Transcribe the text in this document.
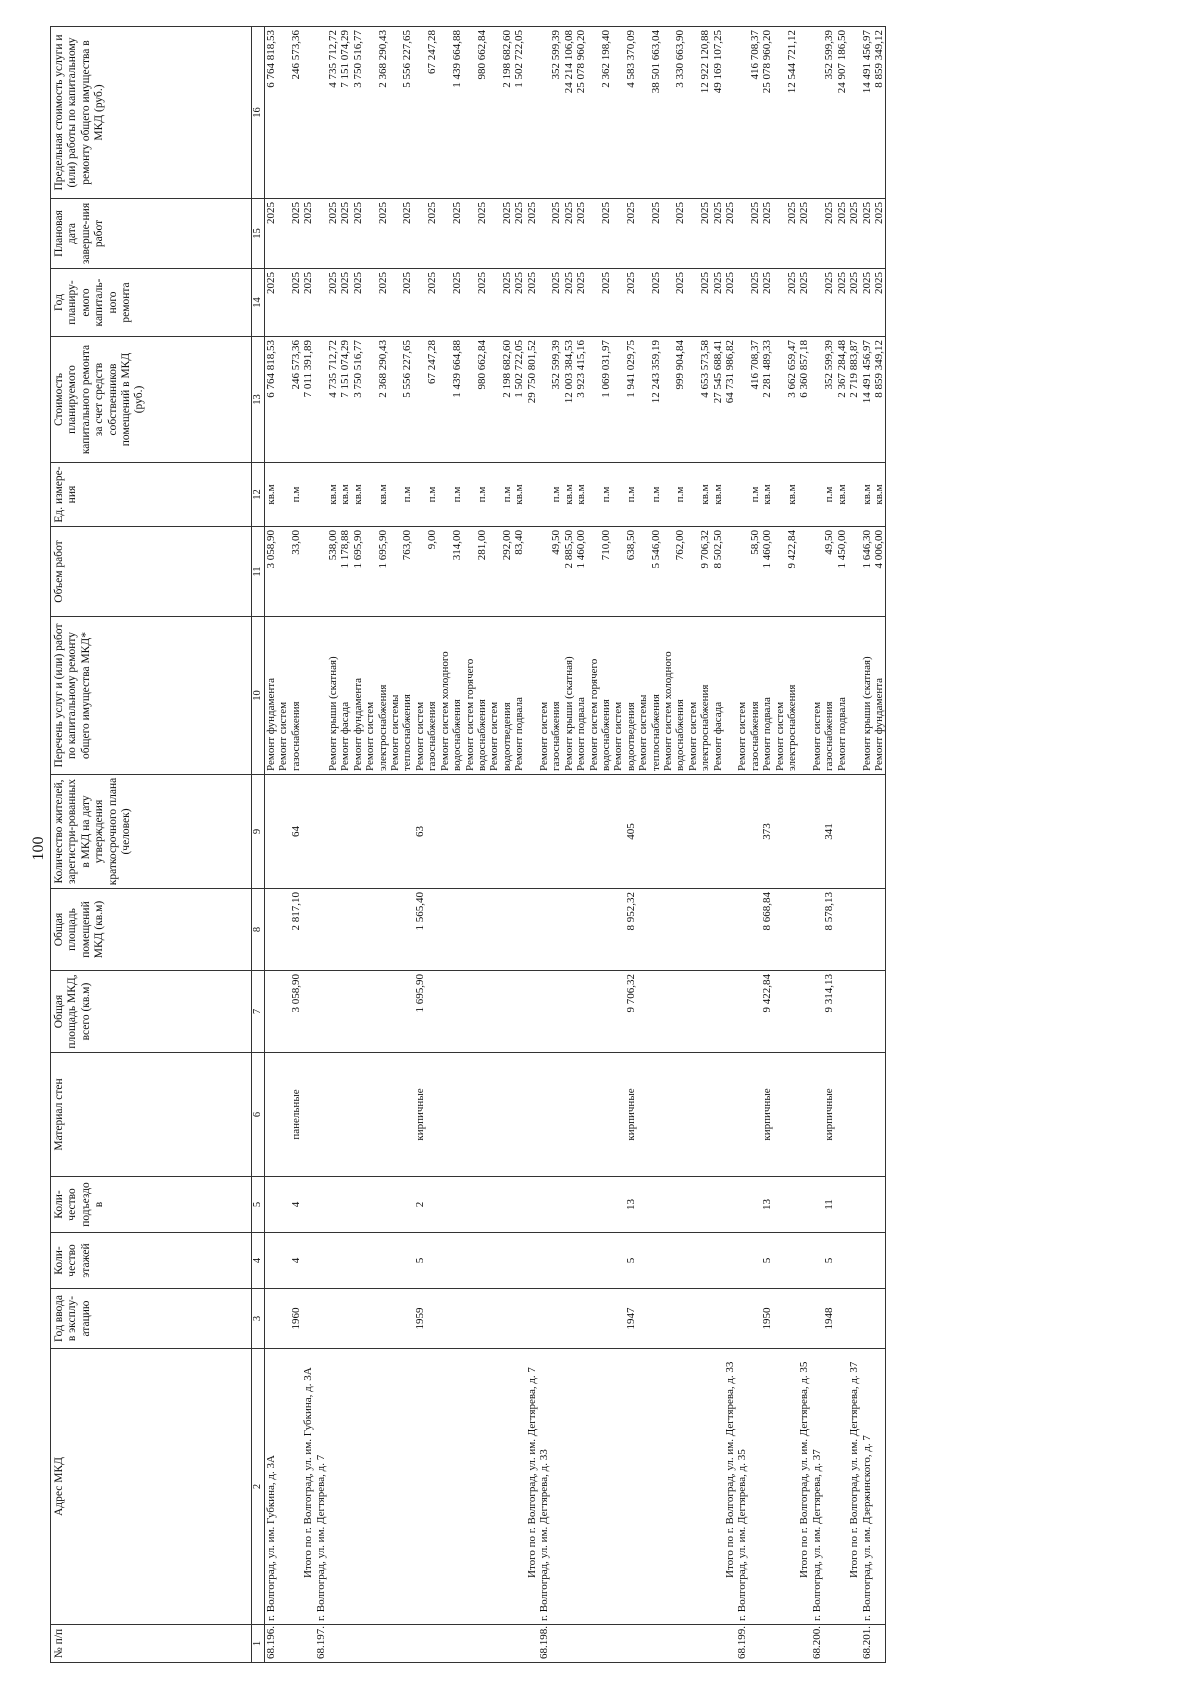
100
№ п/п	Адрес МКД	Год ввода в эксплу-атацию	Коли-чество этажей	Коли-чество подъездо в	Материал стен	Общая площадь МКД, всего (кв.м)	Общая площадь помещений МКД (кв.м)	Количество жителей, зарегистри-рованных в МКД на дату утверждения краткосрочного плана (человек)	Перечень услуг и (или) работ по капитальному ремонту общего имущества МКД*	Объем работ	Ед. измере-ния	Стоимость планируемого капитального ремонта за счет средств собственников помещений в МКД (руб.)	Год планиру-емого капиталь-ного ремонта	Плановая дата заверше-ния работ	Предельная стоимость услуги и (или) работы по капитальному ремонту общего имущества в МКД (руб.)
1	2	3	4	5	6	7	8	9	10	11	12	13	14	15	16
68.196.	г. Волгоград, ул. им. Губкина, д. 3А								Ремонт фундамента	3 058,90	кв.м	6 764 818,53	2025	2025	6 764 818,53
									Ремонт систем						
		1960	4	4	панельные	3 058,90	2 817,10	64	газоснабжения	33,00	п.м	246 573,36	2025	2025	246 573,36
	Итого по г. Волгоград, ул. им. Губкина, д. 3А											7 011 391,89	2025	2025	
68.197.	г. Волгоград, ул. им. Дегтярева, д. 7														
									Ремонт крыши (скатная)	538,00	кв.м	4 735 712,72	2025	2025	4 735 712,72
									Ремонт фасада	1 178,88	кв.м	7 151 074,29	2025	2025	7 151 074,29
									Ремонт фундамента	1 695,90	кв.м	3 750 516,77	2025	2025	3 750 516,77
									Ремонт систем						
									электроснабжения	1 695,90	кв.м	2 368 290,43	2025	2025	2 368 290,43
									Ремонт системы						
									теплоснабжения	763,00	п.м	5 556 227,65	2025	2025	5 556 227,65
		1959	5	2	кирпичные	1 695,90	1 565,40	63	Ремонт систем						
									газоснабжения	9,00	п.м	67 247,28	2025	2025	67 247,28
									Ремонт систем холодного						
									водоснабжения	314,00	п.м	1 439 664,88	2025	2025	1 439 664,88
									Ремонт систем горячего						
									водоснабжения	281,00	п.м	980 662,84	2025	2025	980 662,84
									Ремонт систем						
									водоотведения	292,00	п.м	2 198 682,60	2025	2025	2 198 682,60
									Ремонт подвала	83,40	кв.м	1 502 722,05	2025	2025	1 502 722,05
	Итого по г. Волгоград, ул. им. Дегтярева, д. 7											29 750 801,52	2025	2025	
68.198.	г. Волгоград, ул. им. Дегтярева, д. 33								Ремонт систем						
									газоснабжения	49,50	п.м	352 599,39	2025	2025	352 599,39
									Ремонт крыши (скатная)	2 885,50	кв.м	12 003 384,53	2025	2025	24 214 106,08
									Ремонт подвала	1 460,00	кв.м	3 923 415,16	2025	2025	25 078 960,20
									Ремонт систем горячего						
									водоснабжения	710,00	п.м	1 069 031,97	2025	2025	2 362 198,40
									Ремонт систем						
		1947	5	13	кирпичные	9 706,32	8 952,32	405	водоотведения	638,50	п.м	1 941 029,75	2025	2025	4 583 370,09
									Ремонт системы						
									теплоснабжения	5 546,00	п.м	12 243 359,19	2025	2025	38 501 663,04
									Ремонт систем холодного						
									водоснабжения	762,00	п.м	999 904,84	2025	2025	3 330 663,90
									Ремонт систем						
									электроснабжения	9 706,32	кв.м	4 653 573,58	2025	2025	12 922 120,88
									Ремонт фасада	8 502,50	кв.м	27 545 688,41	2025	2025	49 169 107,25
	Итого по г. Волгоград, ул. им. Дегтярева, д. 33											64 731 986,82	2025	2025	
68.199.	г. Волгоград, ул. им. Дегтярева, д. 35								Ремонт систем						
									газоснабжения	58,50	п.м	416 708,37	2025	2025	416 708,37
		1950	5	13	кирпичные	9 422,84	8 668,84	373	Ремонт подвала	1 460,00	кв.м	2 281 489,33	2025	2025	25 078 960,20
									Ремонт систем						
									электроснабжения	9 422,84	кв.м	3 662 659,47	2025	2025	12 544 721,12
	Итого по г. Волгоград, ул. им. Дегтярева, д. 35											6 360 857,18	2025	2025	
68.200.	г. Волгоград, ул. им. Дегтярева, д. 37								Ремонт систем						
		1948	5	11	кирпичные	9 314,13	8 578,13	341	газоснабжения	49,50	п.м	352 599,39	2025	2025	352 599,39
									Ремонт подвала	1 450,00	кв.м	2 367 284,48	2025	2025	24 907 186,50
	Итого по г. Волгоград, ул. им. Дегтярева, д. 37											2 719 883,87	2025	2025	
68.201.	г. Волгоград, ул. им. Дзержинского, д. 7								Ремонт крыши (скатная)	1 646,30	кв.м	14 491 456,97	2025	2025	14 491 456,97
									Ремонт фундамента	4 006,00	кв.м	8 859 349,12	2025	2025	8 859 349,12
